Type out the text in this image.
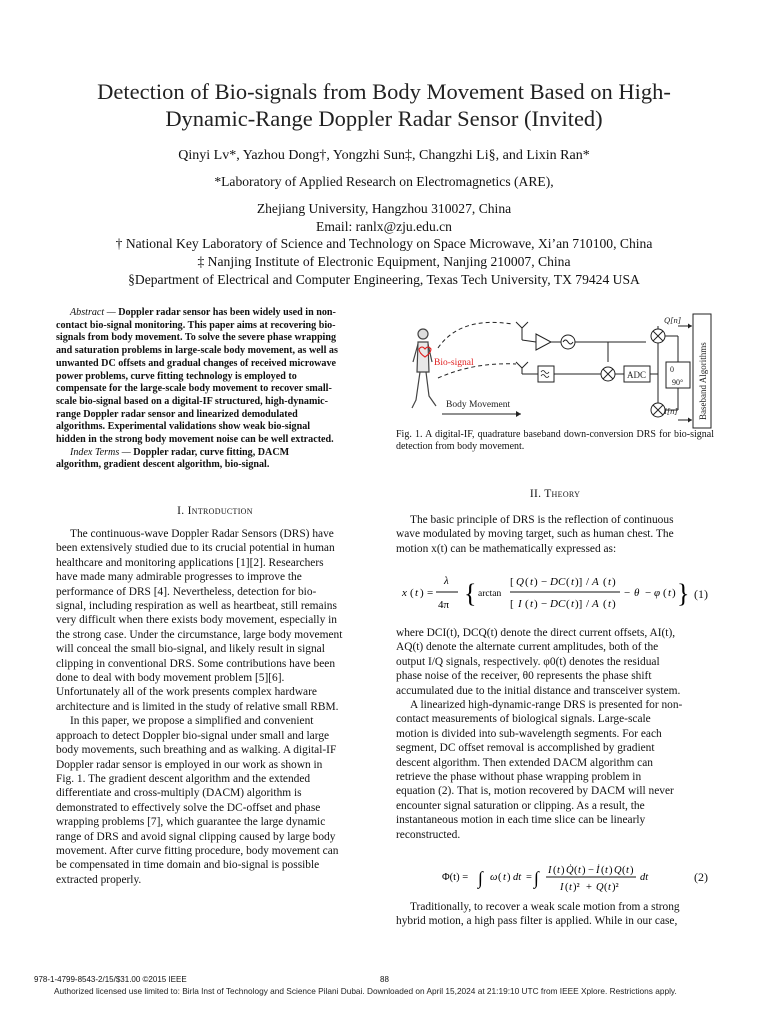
Detection of Bio-signals from Body Movement Based on High-
Dynamic-Range Doppler Radar Sensor (Invited)
Qinyi Lv*, Yazhou Dong†, Yongzhi Sun‡, Changzhi Li§, and Lixin Ran*
*Laboratory of Applied Research on Electromagnetics (ARE),
Zhejiang University, Hangzhou 310027, China
Email: ranlx@zju.edu.cn
† National Key Laboratory of Science and Technology on Space Microwave, Xi’an 710100, China
‡ Nanjing Institute of Electronic Equipment, Nanjing 210007, China
§Department of Electrical and Computer Engineering, Texas Tech University, TX 79424 USA
Abstract — Doppler radar sensor has been widely used in non-
contact bio-signal monitoring. This paper aims at recovering bio-
signals from body movement. To solve the severe phase wrapping
and saturation problems in large-scale body movement, as well as
unwanted DC offsets and gradual changes of received microwave
power problems, curve fitting technology is employed to
compensate for the large-scale body movement to recover small-
scale bio-signal based on a digital-IF structured, high-dynamic-
range Doppler radar sensor and linearized demodulated
algorithms. Experimental validations show weak bio-signal
hidden in the strong body movement noise can be well extracted.
Index Terms — Doppler radar, curve fitting, DACM
algorithm, gradient descent algorithm, bio-signal.
I. Introduction
The continuous-wave Doppler Radar Sensors (DRS) have
been extensively studied due to its crucial potential in human
healthcare and monitoring applications [1][2]. Researchers
have made many admirable progresses to improve the
performance of DRS [4]. Nevertheless, detection for bio-
signal, including respiration as well as heartbeat, still remains
very difficult when there exists body movement, especially in
the strong case. Under the circumstance, large body movement
will conceal the small bio-signal, and likely result in signal
clipping in conventional DRS. Some contributions have been
done to deal with body movement problem [5][6].
Unfortunately all of the work presents complex hardware
architecture and is limited in the study of relative small RBM.
In this paper, we propose a simplified and convenient
approach to detect Doppler bio-signal under small and large
body movements, such breathing and as walking. A digital-IF
Doppler radar sensor is employed in our work as shown in
Fig. 1. The gradient descent algorithm and the extended
differentiate and cross-multiply (DACM) algorithm is
demonstrated to effectively solve the DC-offset and phase
wrapping problems [7], which guarantee the large dynamic
range of DRS and avoid signal clipping caused by large body
movement. After curve fitting procedure, body movement can
be compensated in time domain and bio-signal is possible
extracted properly.
Bio-signal
Body Movement
ADC
0
90°
Q[n]
I[n] Baseband Algorithms
Fig. 1. A digital-IF, quadrature baseband down-conversion DRS for bio-signal detection from body movement.
II. Theory
The basic principle of DRS is the reflection of continuous
wave modulated by moving target, such as human chest. The
motion x(t) can be mathematically expressed as:
x ( t ) =
λ
4π { arctan
[ Q ( t ) − DC ( t )] / A ( t )
[ I ( t ) − DC ( t )] / A ( t )
− θ − φ ( t ) } (1)
where DCI(t), DCQ(t) denote the direct current offsets, AI(t),
AQ(t) denote the alternate current amplitudes, both of the
output I/Q signals, respectively. φ0(t) denotes the residual
phase noise of the receiver, θ0 represents the phase shift
accumulated due to the initial distance and transceiver system.
A linearized high-dynamic-range DRS is presented for non-
contact measurements of biological signals. Large-scale
motion is divided into sub-wavelength segments. For each
segment, DC offset removal is accomplished by gradient
descent algorithm. Then extended DACM algorithm can
retrieve the phase without phase wrapping problem in
equation (2). That is, motion recovered by DACM will never
encounter signal saturation or clipping. As a result, the
instantaneous motion in each time slice can be linearly
reconstructed.
Φ(t) = ∫ ω ( t ) dt = ∫ I ( t ) Q̇ ( t ) − İ ( t ) Q ( t )
I ( t )² + Q ( t )²
dt	(2)
Traditionally, to recover a weak scale motion from a strong
hybrid motion, a high pass filter is applied. While in our case,
978-1-4799-8543-2/15/$31.00 ©2015 IEEE	88
Authorized licensed use limited to: Birla Inst of Technology and Science Pilani Dubai. Downloaded on April 15,2024 at 21:19:10 UTC from IEEE Xplore. Restrictions apply.
